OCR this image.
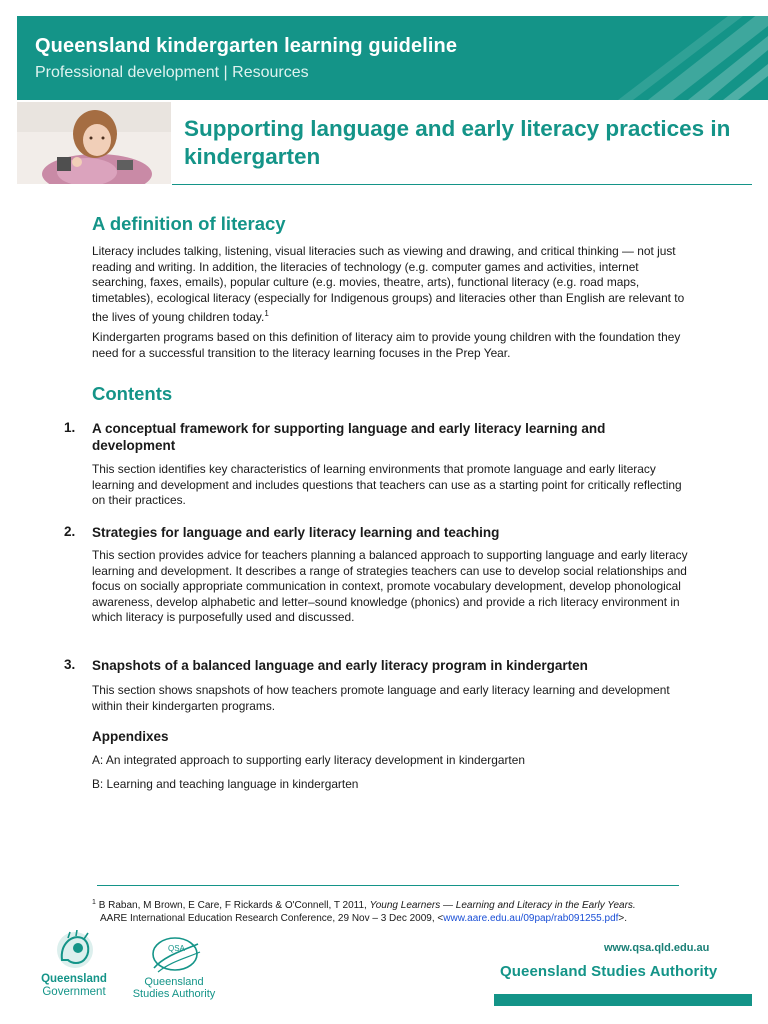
Queensland kindergarten learning guideline
Professional development | Resources
Supporting language and early literacy practices in kindergarten
A definition of literacy

Literacy includes talking, listening, visual literacies such as viewing and drawing, and critical thinking — not just reading and writing. In addition, the literacies of technology (e.g. computer games and activities, internet searching, faxes, emails), popular culture (e.g. movies, theatre, arts), functional literacy (e.g. road maps, timetables), ecological literacy (especially for Indigenous groups) and literacies other than English are relevant to the lives of young children today.$^1$

Kindergarten programs based on this definition of literacy aim to provide young children with the foundation they need for a successful transition to the literacy learning focuses in the Prep Year.

Contents
1. A conceptual framework for supporting language and early literacy learning and development

This section identifies key characteristics of learning environments that promote language and early literacy learning and development and includes questions that teachers can use as a starting point for critically reflecting on their practices.

2. Strategies for language and early literacy learning and teaching

This section provides advice for teachers planning a balanced approach to supporting language and early literacy learning and development. It describes a range of strategies teachers can use to develop social relationships and focus on socially appropriate communication in context, promote vocabulary development, develop phonological awareness, develop alphabetic and letter–sound knowledge (phonics) and provide a rich literacy environment in which literacy is purposefully used and discussed.

3. Snapshots of a balanced language and early literacy program in kindergarten

This section shows snapshots of how teachers promote language and early literacy learning and development within their kindergarten programs.

Appendixes

A: An integrated approach to supporting early literacy development in kindergarten

B: Learning and teaching language in kindergarten

$^1$ B Raban, M Brown, E Care, F Rickards & O'Connell, T 2011, Young Learners — Learning and Literacy in the Early Years.
AARE International Education Research Conference, 29 Nov – 3 Dec 2009, <www.aare.edu.au/09pap/rab091255.pdf>.
Queensland
Government
QSA
Queensland
Studies Authority
www.qsa.qld.edu.au
Queensland Studies Authority
